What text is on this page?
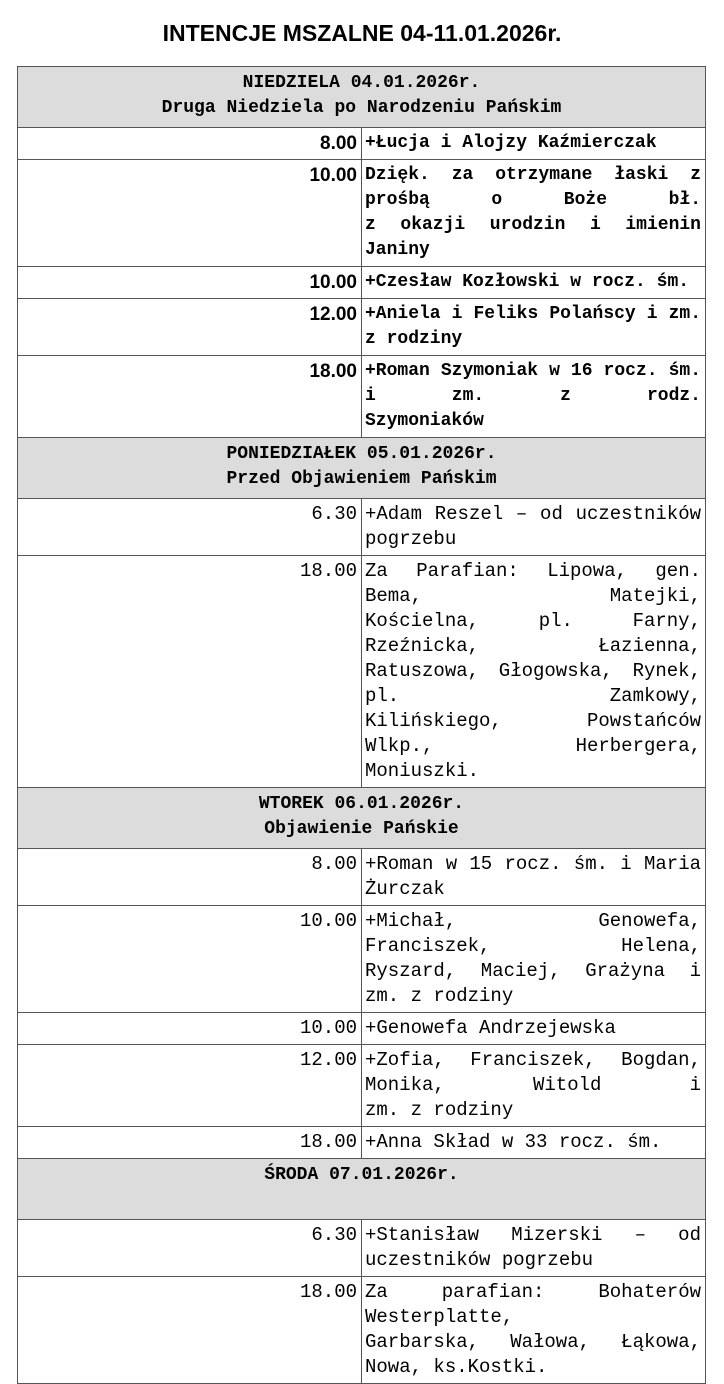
INTENCJE MSZALNE 04-11.01.2026r.
NIEDZIELA 04.01.2026r.
Druga Niedziela po Narodzeniu Pańskim	

8.00	+Łucja i Alojzy Kaźmierczak

10.00	Dzięk. za otrzymane łaski z prośbą o Boże bł.
z okazji urodzin i imienin Janiny

10.00	+Czesław Kozłowski w rocz. śm.

12.00	+Aniela i Feliks Polańscy i zm. z rodziny

18.00	+Roman Szymoniak w 16 rocz. śm. i zm. z rodz.
Szymoniaków

PONIEDZIAŁEK 05.01.2026r.
Przed Objawieniem Pańskim	

6.30	+Adam Reszel – od uczestników pogrzebu

18.00	Za Parafian: Lipowa, gen. Bema, Matejki,
Kościelna, pl. Farny, Rzeźnicka, Łazienna,
Ratuszowa, Głogowska, Rynek, pl. Zamkowy,
Kilińskiego, Powstańców Wlkp., Herbergera,
Moniuszki.

WTOREK 06.01.2026r.
Objawienie Pańskie	

8.00	+Roman w 15 rocz. śm. i Maria Żurczak

10.00	+Michał, Genowefa, Franciszek, Helena,
Ryszard, Maciej, Grażyna i zm. z rodziny

10.00	+Genowefa Andrzejewska

12.00	+Zofia, Franciszek, Bogdan, Monika, Witold i
zm. z rodziny

18.00	+Anna Skład w 33 rocz. śm.

ŚRODA 07.01.2026r.	

6.30	+Stanisław Mizerski – od uczestników pogrzebu

18.00	Za parafian: Bohaterów Westerplatte,
Garbarska, Wałowa, Łąkowa, Nowa, ks.Kostki.
